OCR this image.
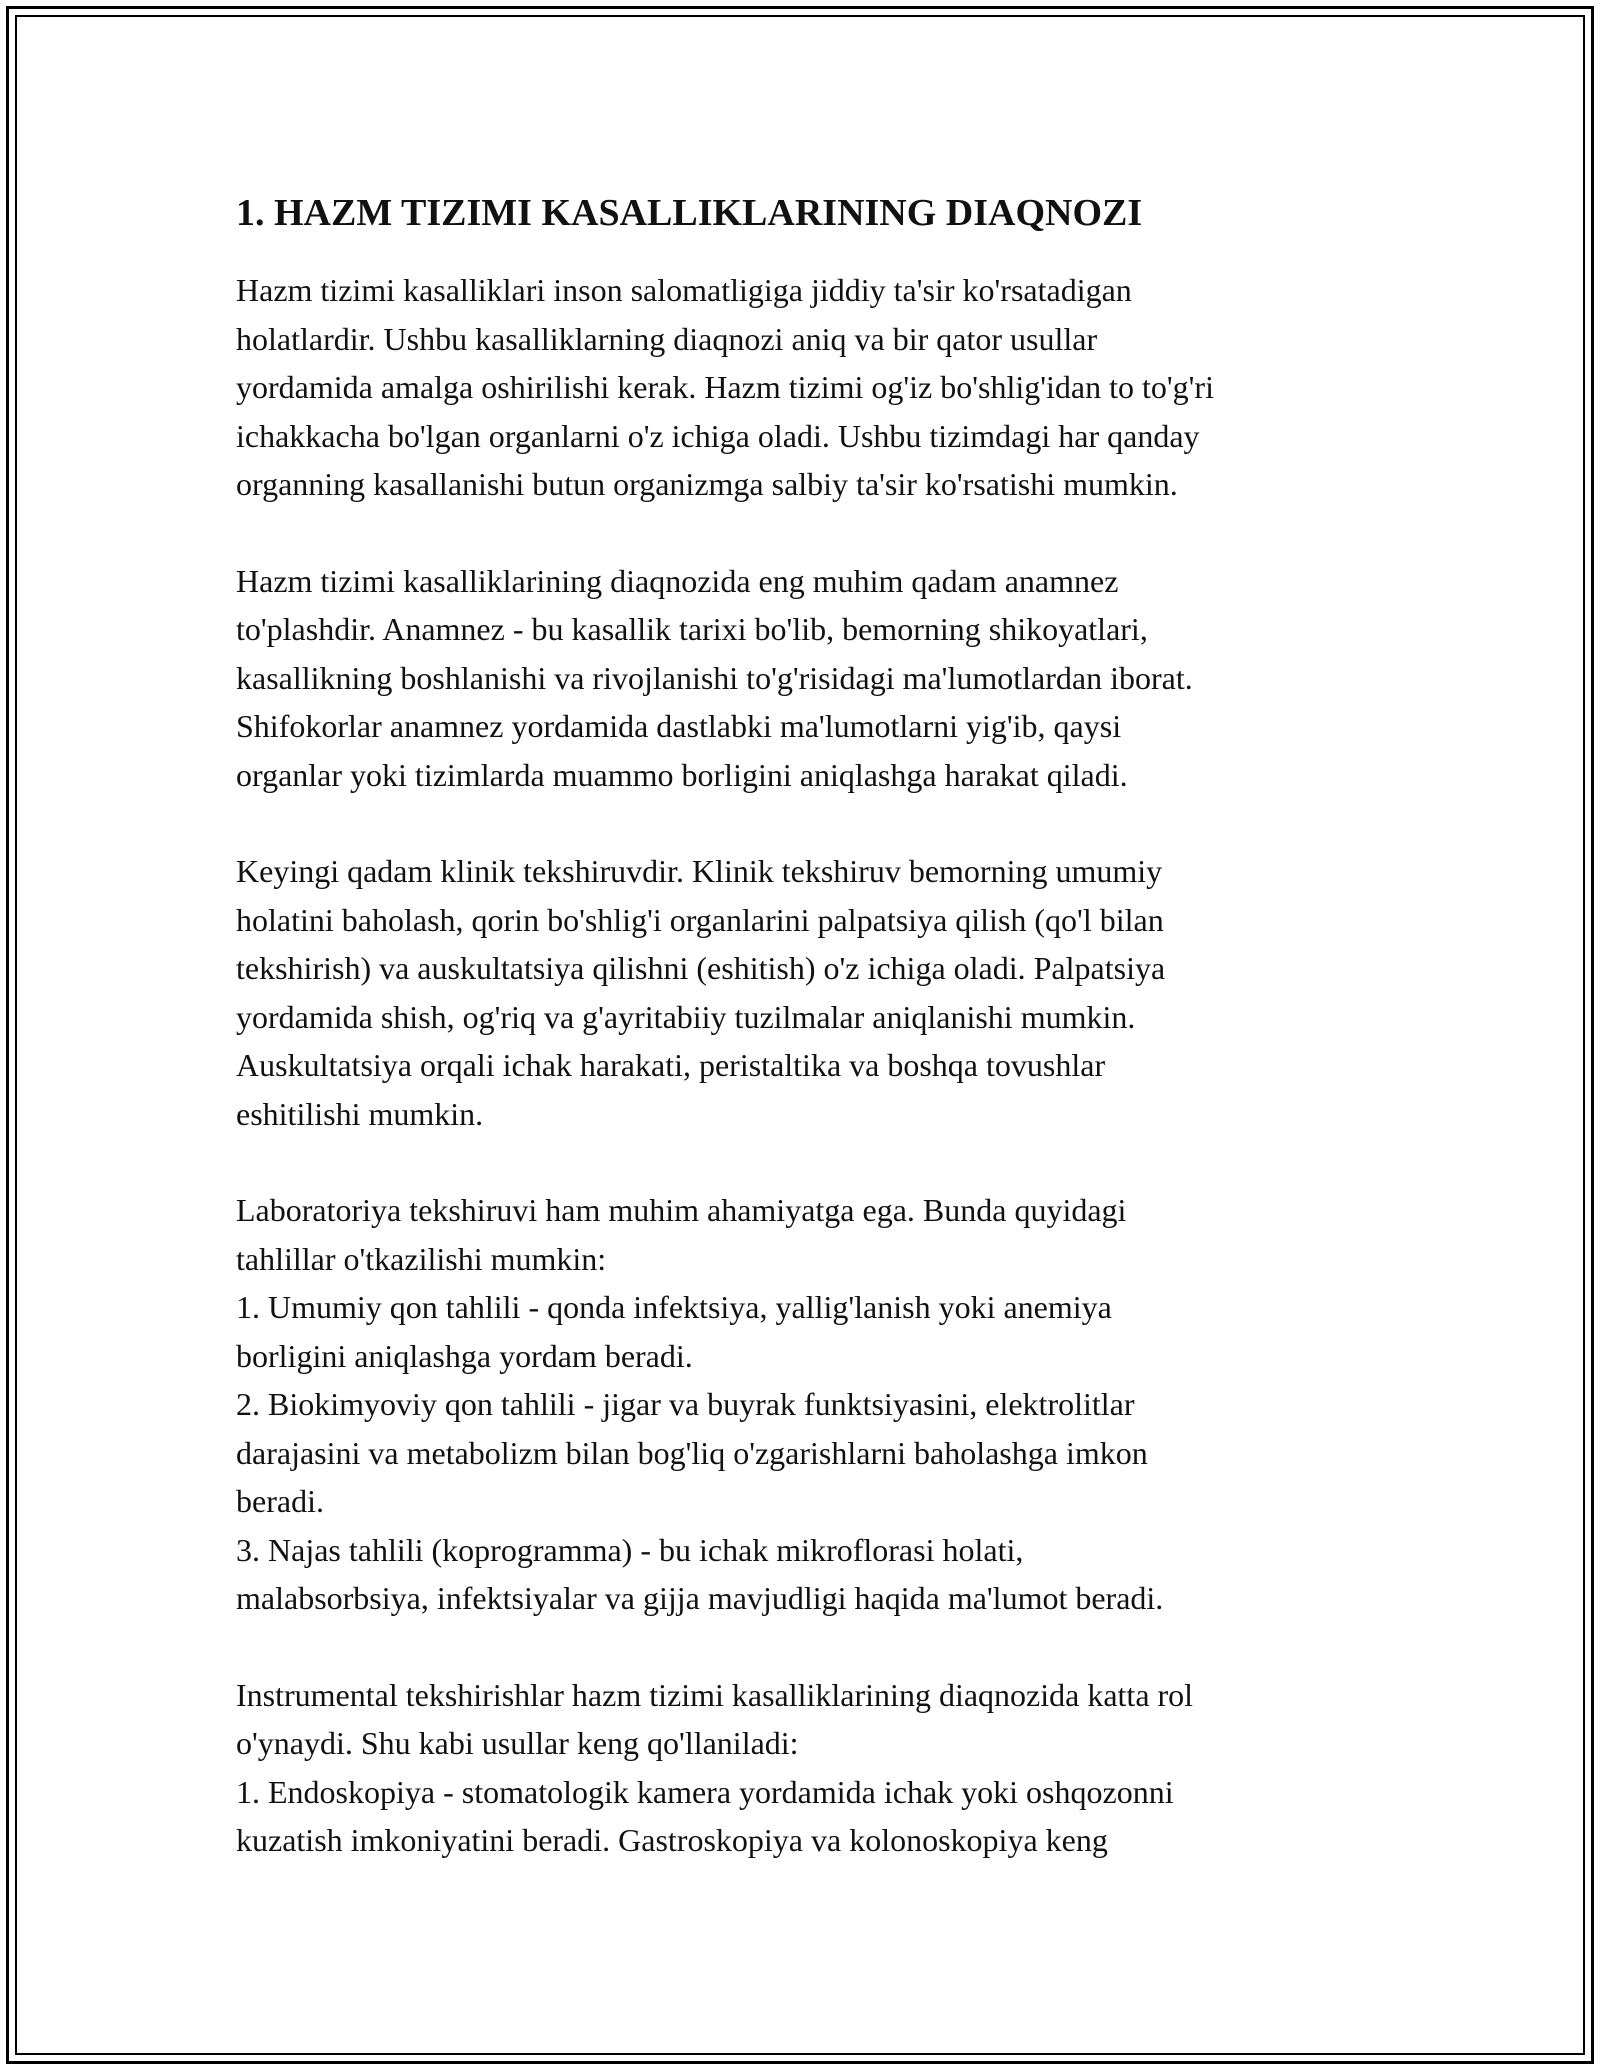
1. HAZM TIZIMI KASALLIKLARINING DIAQNOZI

Hazm tizimi kasalliklari inson salomatligiga jiddiy ta'sir ko'rsatadigan
holatlardir. Ushbu kasalliklarning diaqnozi aniq va bir qator usullar
yordamida amalga oshirilishi kerak. Hazm tizimi og'iz bo'shlig'idan to to'g'ri
ichakkacha bo'lgan organlarni o'z ichiga oladi. Ushbu tizimdagi har qanday
organning kasallanishi butun organizmga salbiy ta'sir ko'rsatishi mumkin.

Hazm tizimi kasalliklarining diaqnozida eng muhim qadam anamnez
to'plashdir. Anamnez - bu kasallik tarixi bo'lib, bemorning shikoyatlari,
kasallikning boshlanishi va rivojlanishi to'g'risidagi ma'lumotlardan iborat.
Shifokorlar anamnez yordamida dastlabki ma'lumotlarni yig'ib, qaysi
organlar yoki tizimlarda muammo borligini aniqlashga harakat qiladi.

Keyingi qadam klinik tekshiruvdir. Klinik tekshiruv bemorning umumiy
holatini baholash, qorin bo'shlig'i organlarini palpatsiya qilish (qo'l bilan
tekshirish) va auskultatsiya qilishni (eshitish) o'z ichiga oladi. Palpatsiya
yordamida shish, og'riq va g'ayritabiiy tuzilmalar aniqlanishi mumkin.
Auskultatsiya orqali ichak harakati, peristaltika va boshqa tovushlar
eshitilishi mumkin.

Laboratoriya tekshiruvi ham muhim ahamiyatga ega. Bunda quyidagi
tahlillar o'tkazilishi mumkin:
1. Umumiy qon tahlili - qonda infektsiya, yallig'lanish yoki anemiya
borligini aniqlashga yordam beradi.
2. Biokimyoviy qon tahlili - jigar va buyrak funktsiyasini, elektrolitlar
darajasini va metabolizm bilan bog'liq o'zgarishlarni baholashga imkon
beradi.
3. Najas tahlili (koprogramma) - bu ichak mikroflorasi holati,
malabsorbsiya, infektsiyalar va gijja mavjudligi haqida ma'lumot beradi.

Instrumental tekshirishlar hazm tizimi kasalliklarining diaqnozida katta rol
o'ynaydi. Shu kabi usullar keng qo'llaniladi:
1. Endoskopiya - stomatologik kamera yordamida ichak yoki oshqozonni
kuzatish imkoniyatini beradi. Gastroskopiya va kolonoskopiya keng
